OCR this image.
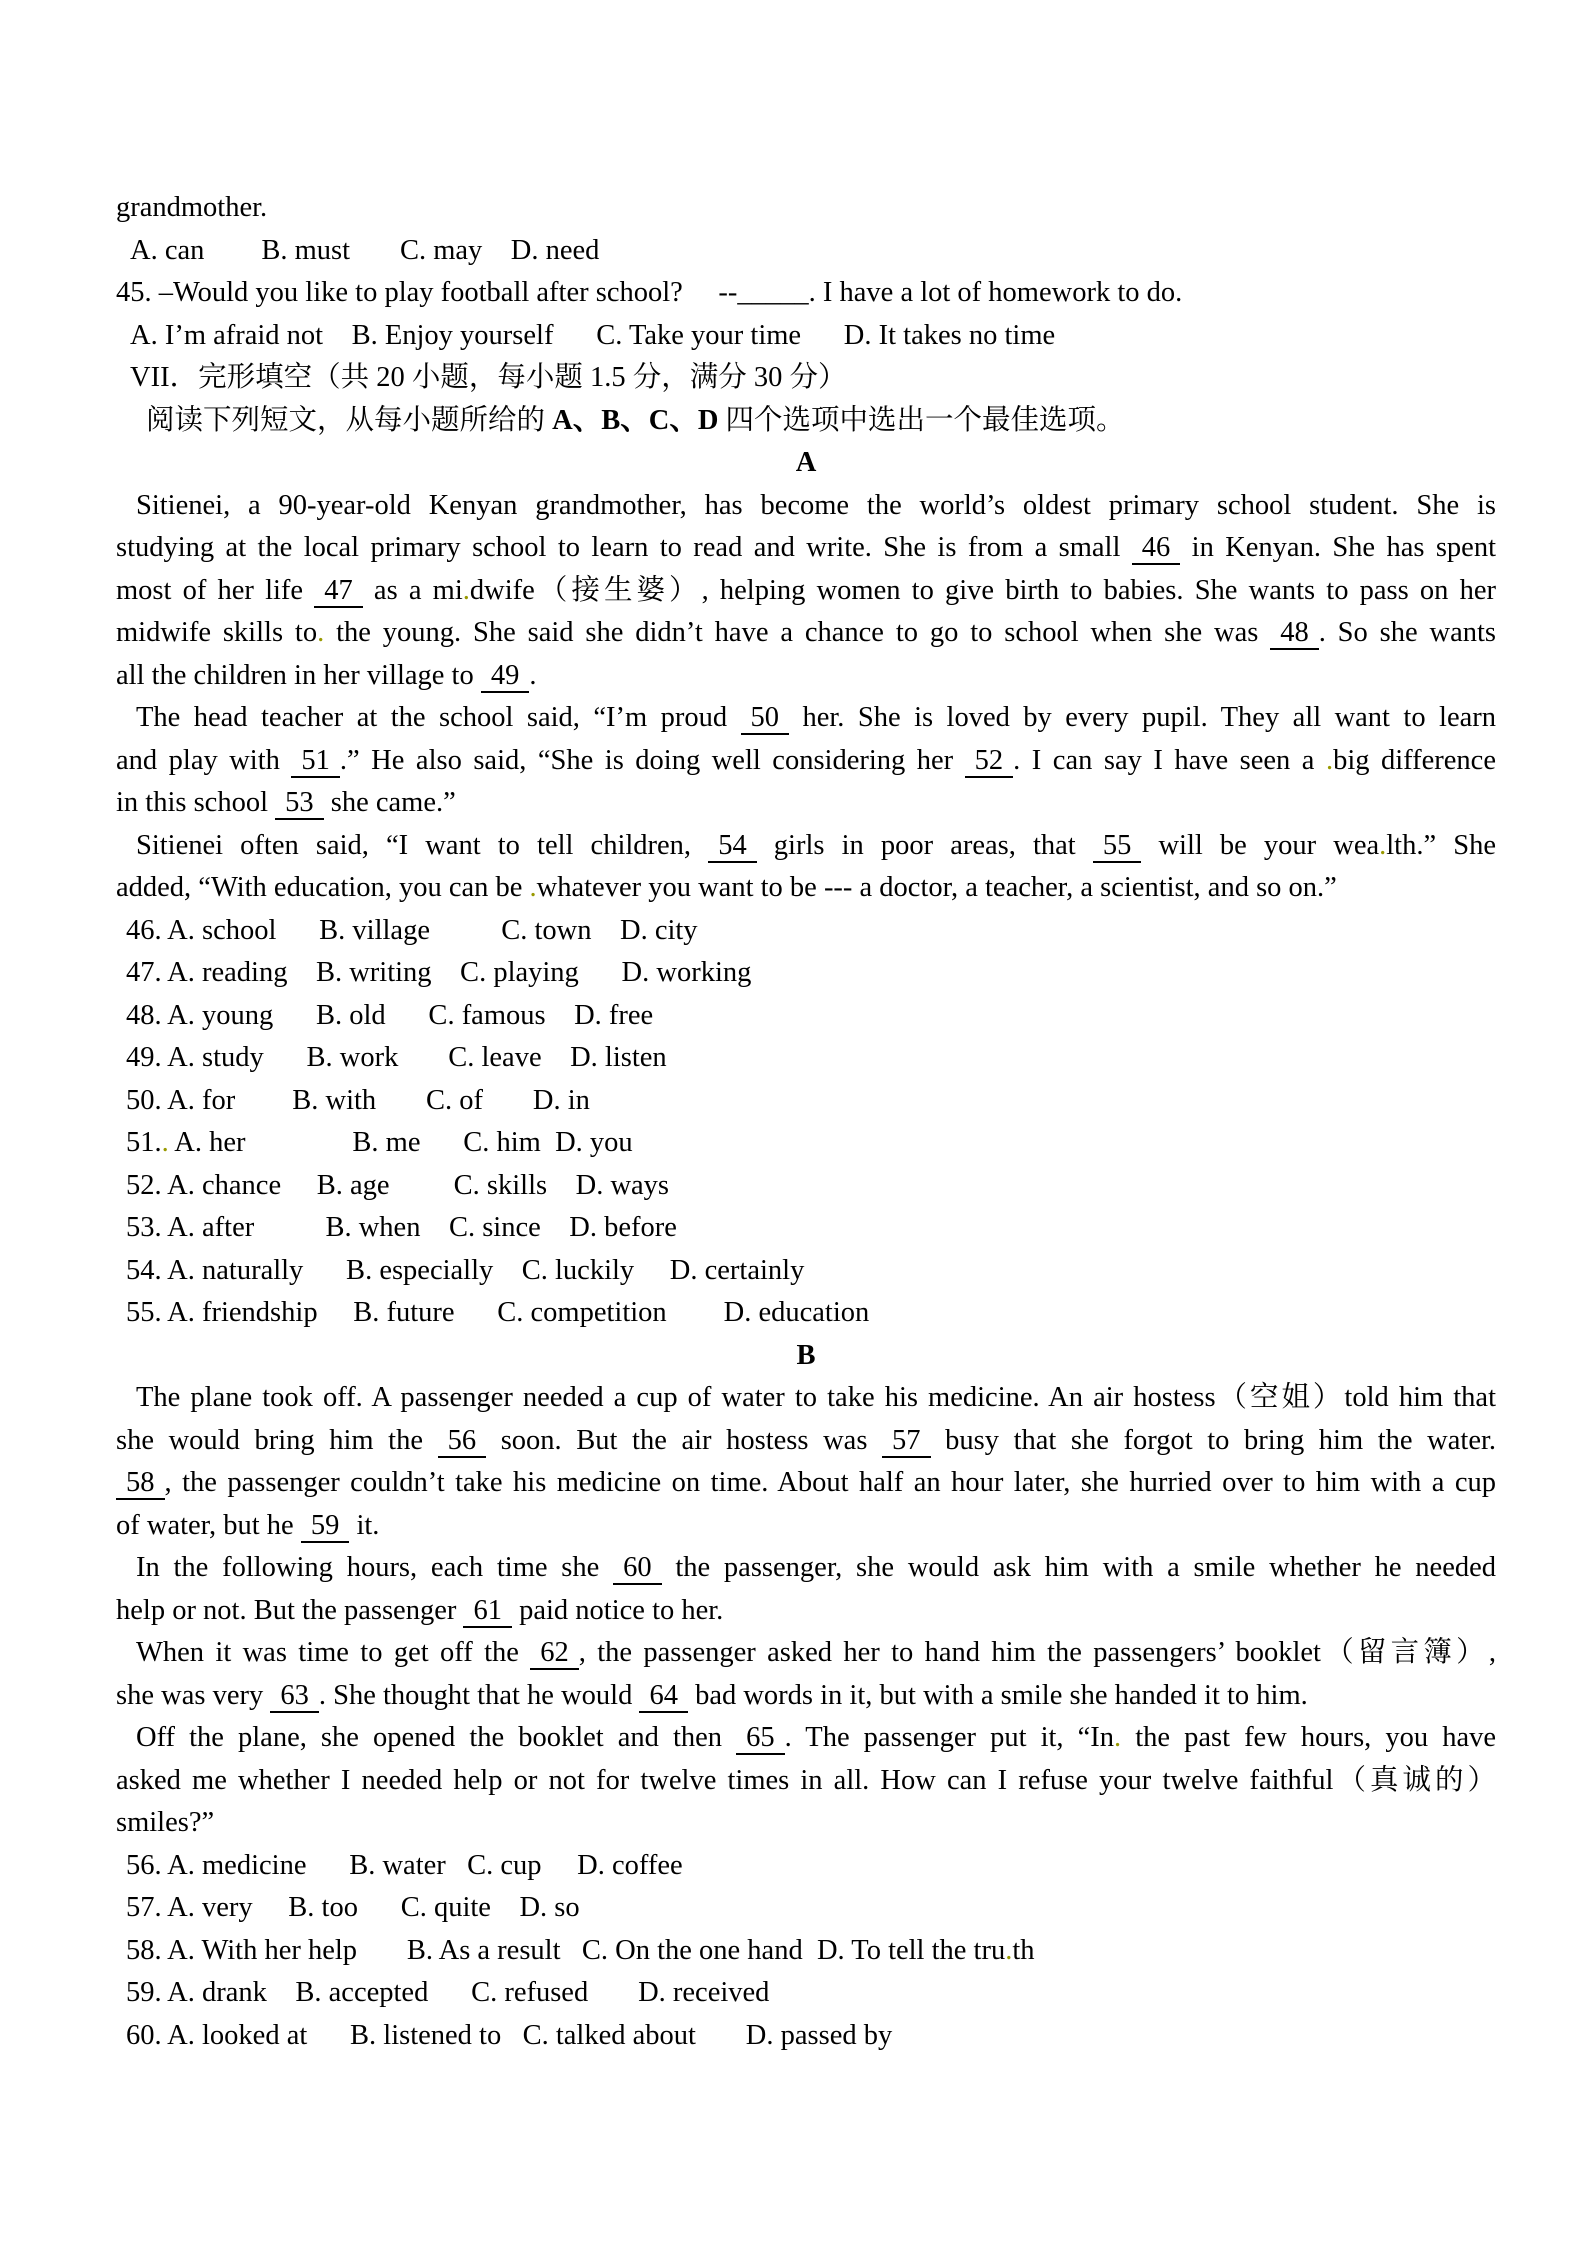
grandmother.
A. can        B. must       C. may    D. need
45. –Would you like to play football after school?     --_____. I have a lot of homework to do.
A. I’m afraid not    B. Enjoy yourself      C. Take your time      D. It takes no time
VII．完形填空（共 20 小题，每小题 1.5 分，满分 30 分）
阅读下列短文，从每小题所给的 A、B、C、D 四个选项中选出一个最佳选项。
A
Sitienei, a 90-year-old Kenyan grandmother, has become the world’s oldest primary school student. She is
studying at the local primary school to learn to read and write. She is from a small 46 in Kenyan. She has spent
most of her life 47 as a mi.dwife（接生婆）, helping women to give birth to babies. She wants to pass on her
midwife skills to. the young. She said she didn’t have a chance to go to school when she was 48 . So she wants
all the children in her village to 49 .
The head teacher at the school said, “I’m proud 50 her. She is loved by every pupil. They all want to learn
and play with 51 .” He also said, “She is doing well considering her 52 . I can say I have seen a .big difference
in this school 53 she came.”
Sitienei often said, “I want to tell children, 54 girls in poor areas, that 55 will be your wea.lth.” She
added, “With education, you can be .whatever you want to be --- a doctor, a teacher, a scientist, and so on.”
46. A. school      B. village          C. town    D. city
47. A. reading    B. writing    C. playing      D. working
48. A. young      B. old      C. famous    D. free
49. A. study      B. work       C. leave    D. listen
50. A. for        B. with       C. of       D. in
51.. A. her               B. me      C. him  D. you
52. A. chance     B. age         C. skills    D. ways
53. A. after          B. when    C. since    D. before
54. A. naturally      B. especially    C. luckily     D. certainly
55. A. friendship     B. future      C. competition        D. education
B
The plane took off. A passenger needed a cup of water to take his medicine. An air hostess（空姐）told him that
she would bring him the 56 soon. But the air hostess was 57 busy that she forgot to bring him the water.
58 , the passenger couldn’t take his medicine on time. About half an hour later, she hurried over to him with a cup
of water, but he 59 it.
In the following hours, each time she 60 the passenger, she would ask him with a smile whether he needed
help or not. But the passenger 61 paid notice to her.
When it was time to get off the 62 , the passenger asked her to hand him the passengers’ booklet（留言簿）,
she was very 63 . She thought that he would 64 bad words in it, but with a smile she handed it to him.
Off the plane, she opened the booklet and then 65 . The passenger put it, “In. the past few hours, you have
asked me whether I needed help or not for twelve times in all. How can I refuse your twelve faithful（真诚的）
smiles?”
56. A. medicine      B. water   C. cup     D. coffee
57. A. very     B. too      C. quite    D. so
58. A. With her help       B. As a result   C. On the one hand  D. To tell the tru.th
59. A. drank    B. accepted      C. refused       D. received
60. A. looked at      B. listened to   C. talked about       D. passed by
